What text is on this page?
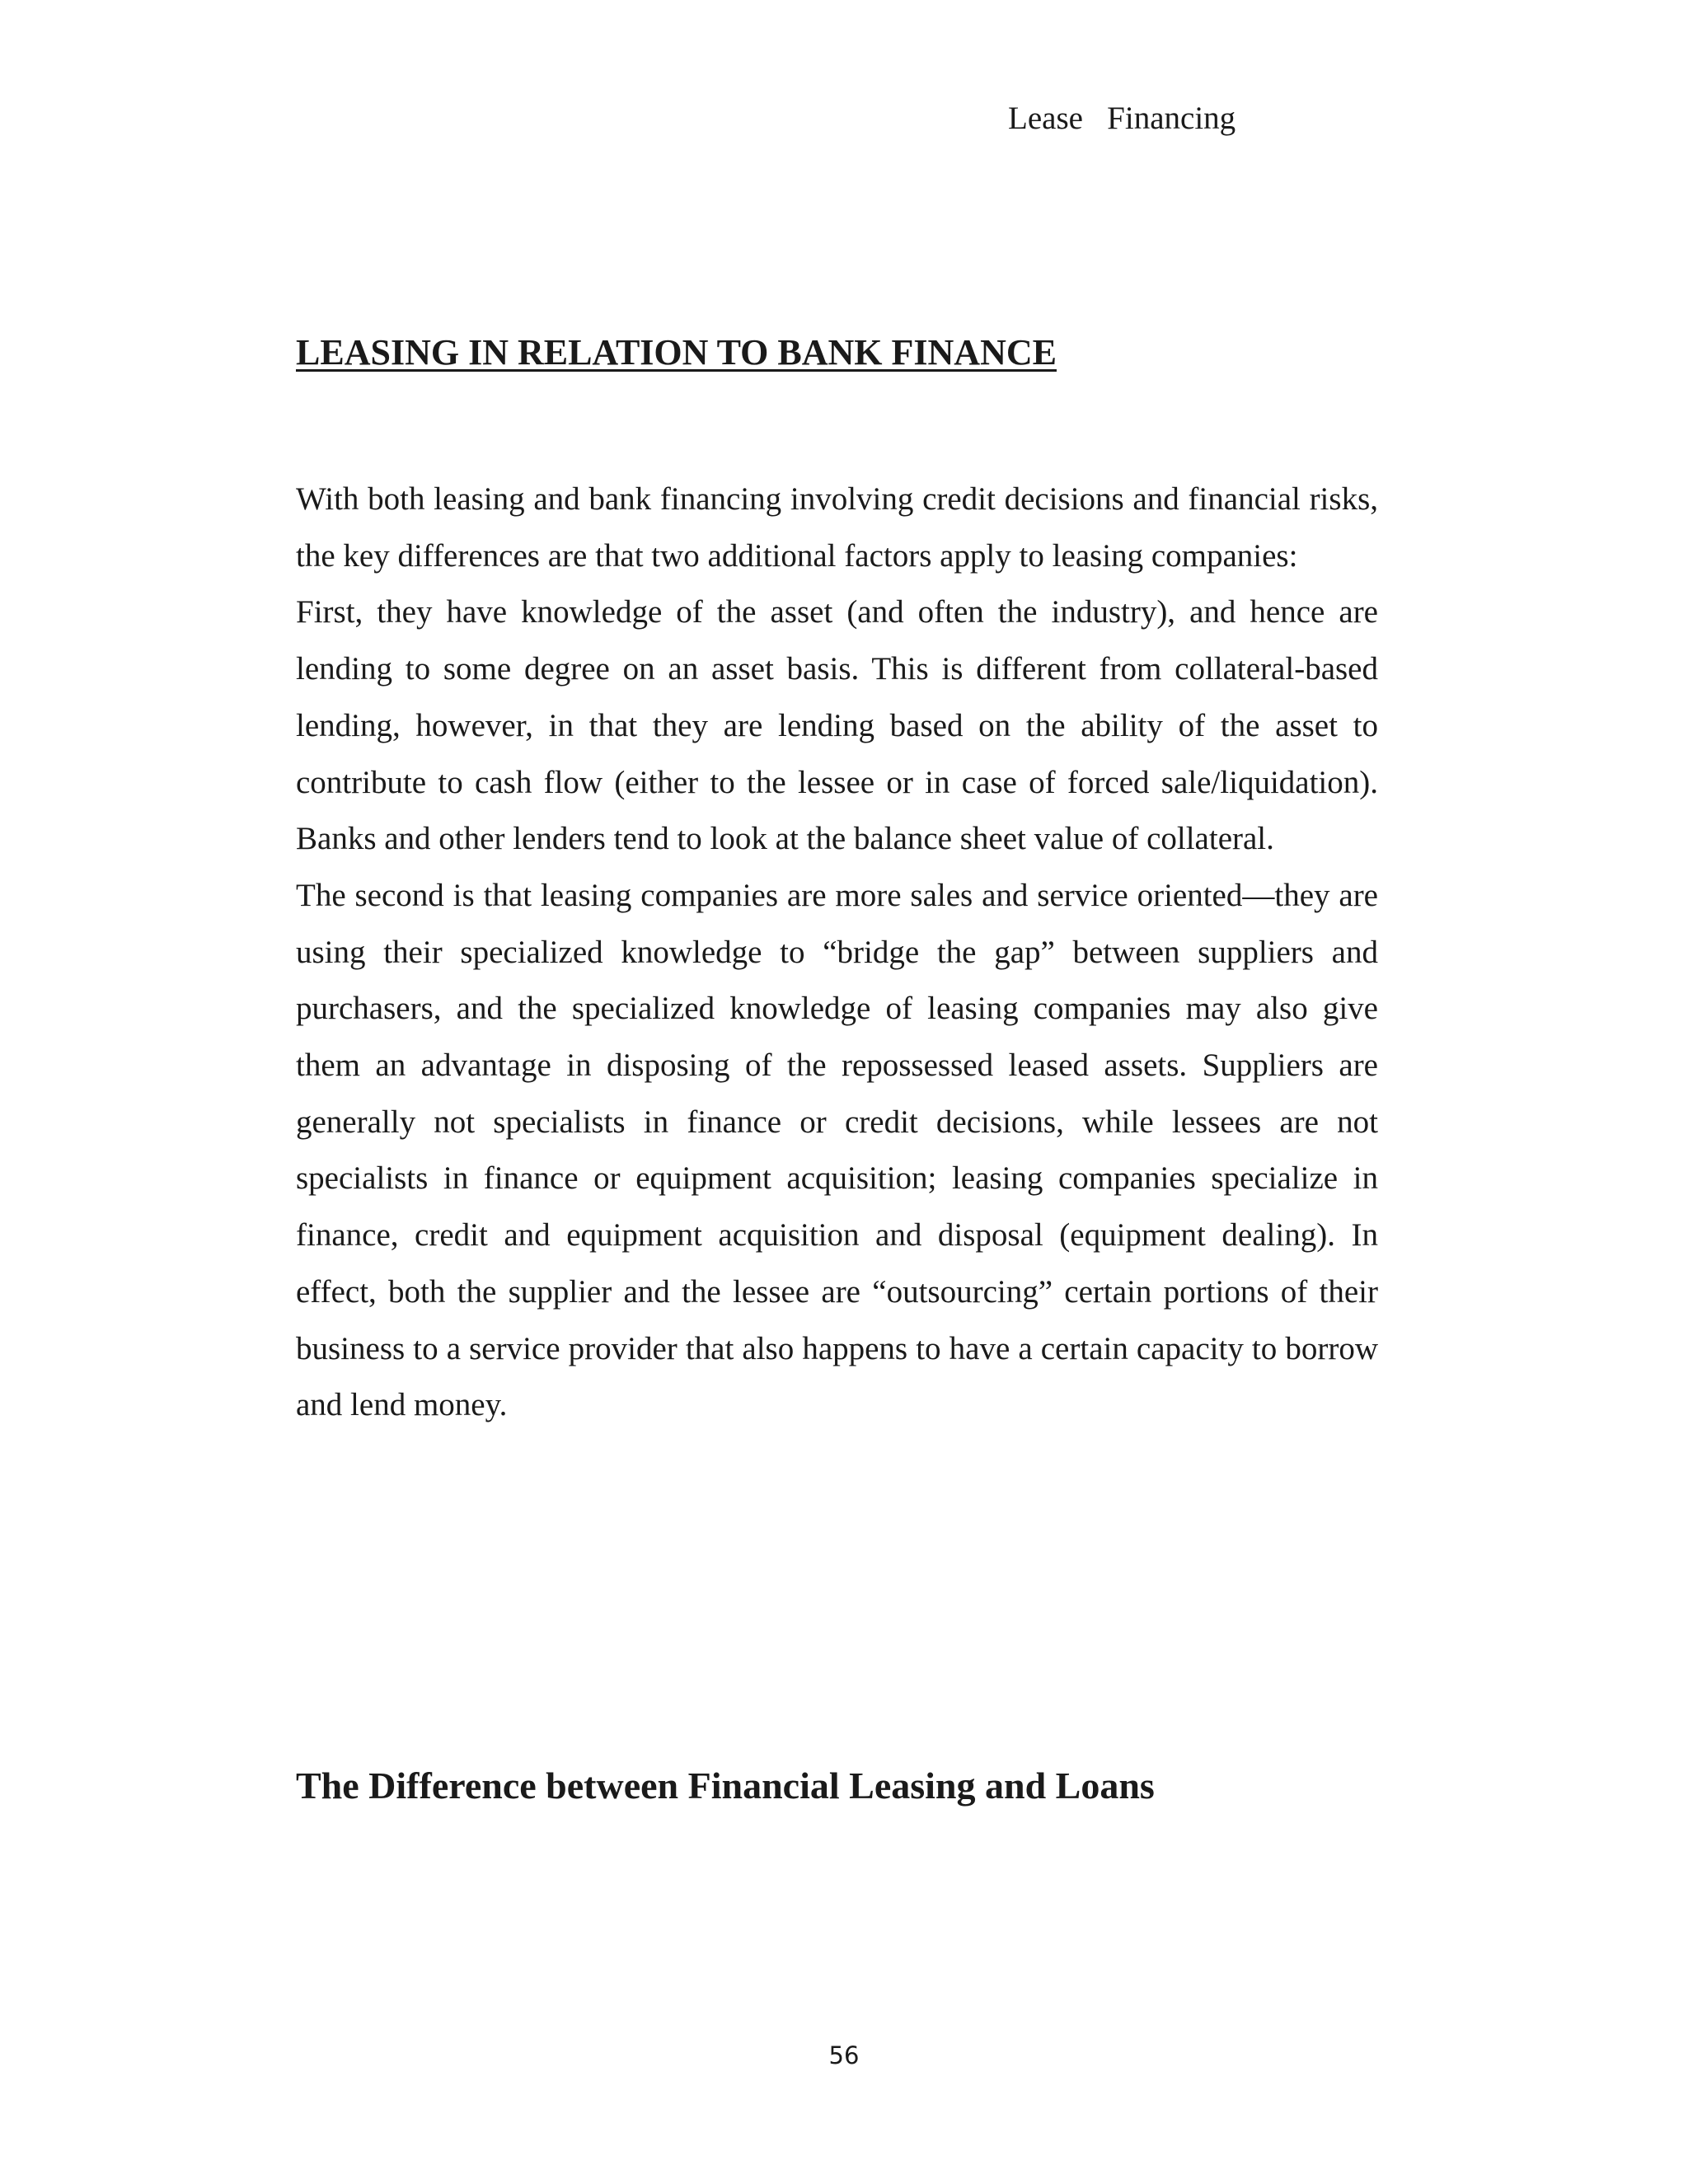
Lease   Financing
LEASING IN RELATION TO BANK FINANCE

With both leasing and bank financing involving credit decisions and financial risks, the key differences are that two additional factors apply to leasing companies:

First, they have knowledge of the asset (and often the industry), and hence are lending to some degree on an asset basis. This is different from collateral-based lending, however, in that they are lending based on the ability of the asset to contribute to cash flow (either to the lessee or in case of forced sale/liquidation). Banks and other lenders tend to look at the balance sheet value of collateral.

The second is that leasing companies are more sales and service oriented—they are using their specialized knowledge to “bridge the gap” between suppliers and purchasers, and the specialized knowledge of leasing companies may also give them an advantage in disposing of the repossessed leased assets. Suppliers are generally not specialists in finance or credit decisions, while lessees are not specialists in finance or equipment acquisition; leasing companies specialize in finance, credit and equipment acquisition and disposal (equipment dealing). In effect, both the supplier and the lessee are “outsourcing” certain portions of their business to a service provider that also happens to have a certain capacity to borrow and lend money.

The Difference between Financial Leasing and Loans
56
